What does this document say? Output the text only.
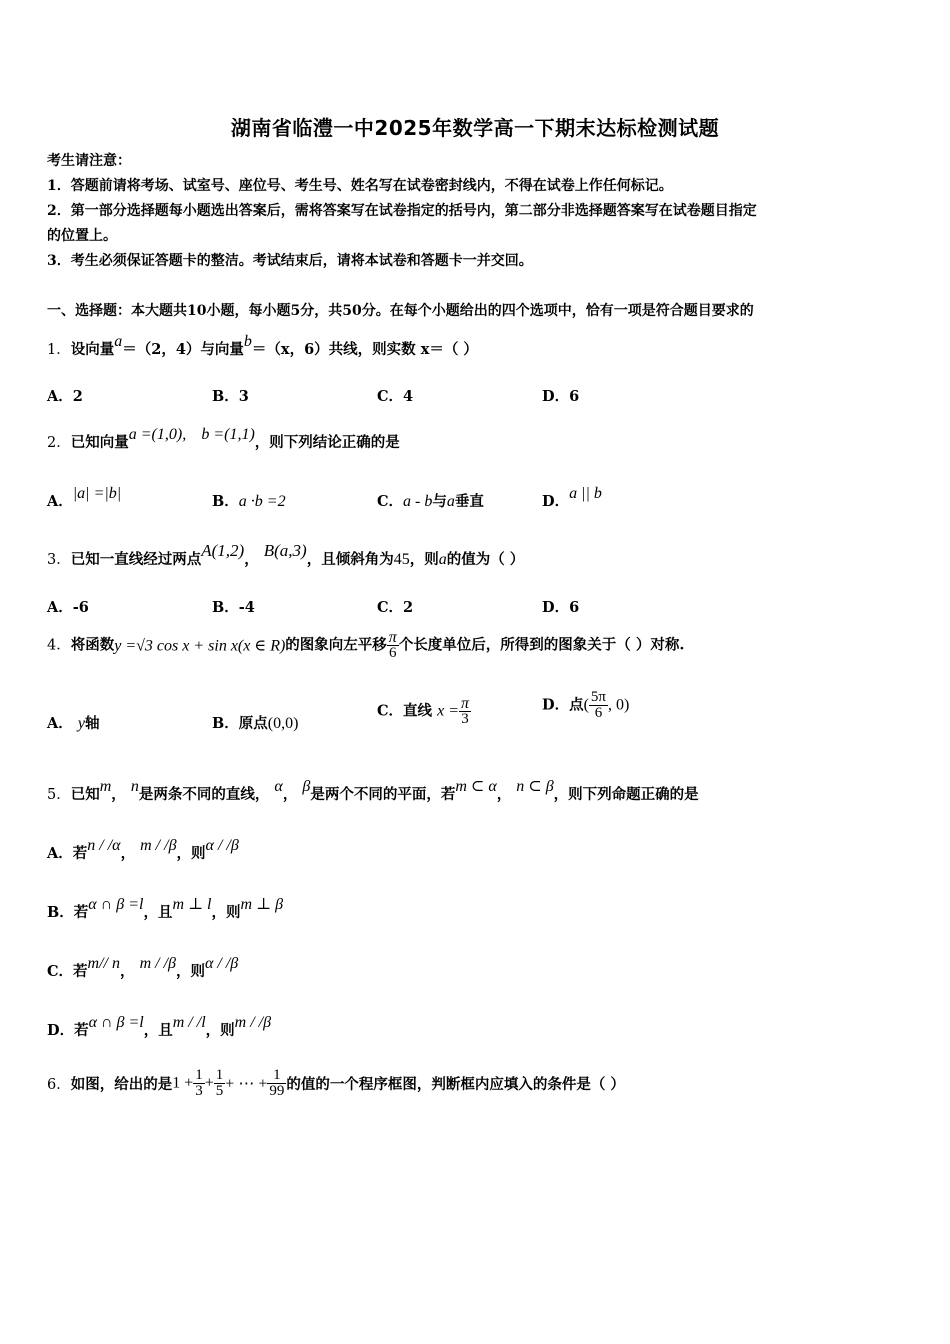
湖南省临澧一中2025年数学高一下期末达标检测试题
考生请注意：
1．答题前请将考场、试室号、座位号、考生号、姓名写在试卷密封线内，不得在试卷上作任何标记。
2．第一部分选择题每小题选出答案后，需将答案写在试卷指定的括号内，第二部分非选择题答案写在试卷题目指定
的位置上。
3．考生必须保证答题卡的整洁。考试结束后，请将本试卷和答题卡一并交回。
一、选择题：本大题共10小题，每小题5分，共50分。在每个小题给出的四个选项中，恰有一项是符合题目要求的
1．设向量a＝（2，4）与向量b＝（x，6）共线，则实数 x＝（ ）
A．2	B．3	C．4	D．6
2．已知向量a =(1,0), b =(1,1)，则下列结论正确的是
A．|a| =|b|	B．a ·b =2	C．a - b与a垂直	D．a || b
3．已知一直线经过两点A(1,2)， B(a,3)，且倾斜角为45，则a的值为（ ）
A．-6	B．-4	C．2	D．6
4．将函数y =√3 cos x + sin x(x ∈ R)的图象向左平移 $\frac{\pi}{6}$ 个长度单位后，所得到的图象关于（ ）对称.
A． y轴	B．原点(0,0)
C．直线 $x = \frac{\pi}{3}$	D．点( $\frac{5\pi}{6}$ , 0)
5．已知m， n是两条不同的直线， α， β是两个不同的平面，若m ⊂ α， n ⊂ β，则下列命题正确的是
A．若n / /α， m / /β，则α / /β
B．若α ∩ β =l，且m ⊥ l，则m ⊥ β
C．若m// n， m / /β，则α / /β
D．若α ∩ β =l，且m / /l，则m / /β
6．如图，给出的是$1 + \frac{1}{3} + \frac{1}{5}$ + ⋯ + $\frac{1}{99}$ 的值的一个程序框图，判断框内应填入的条件是（ ）
